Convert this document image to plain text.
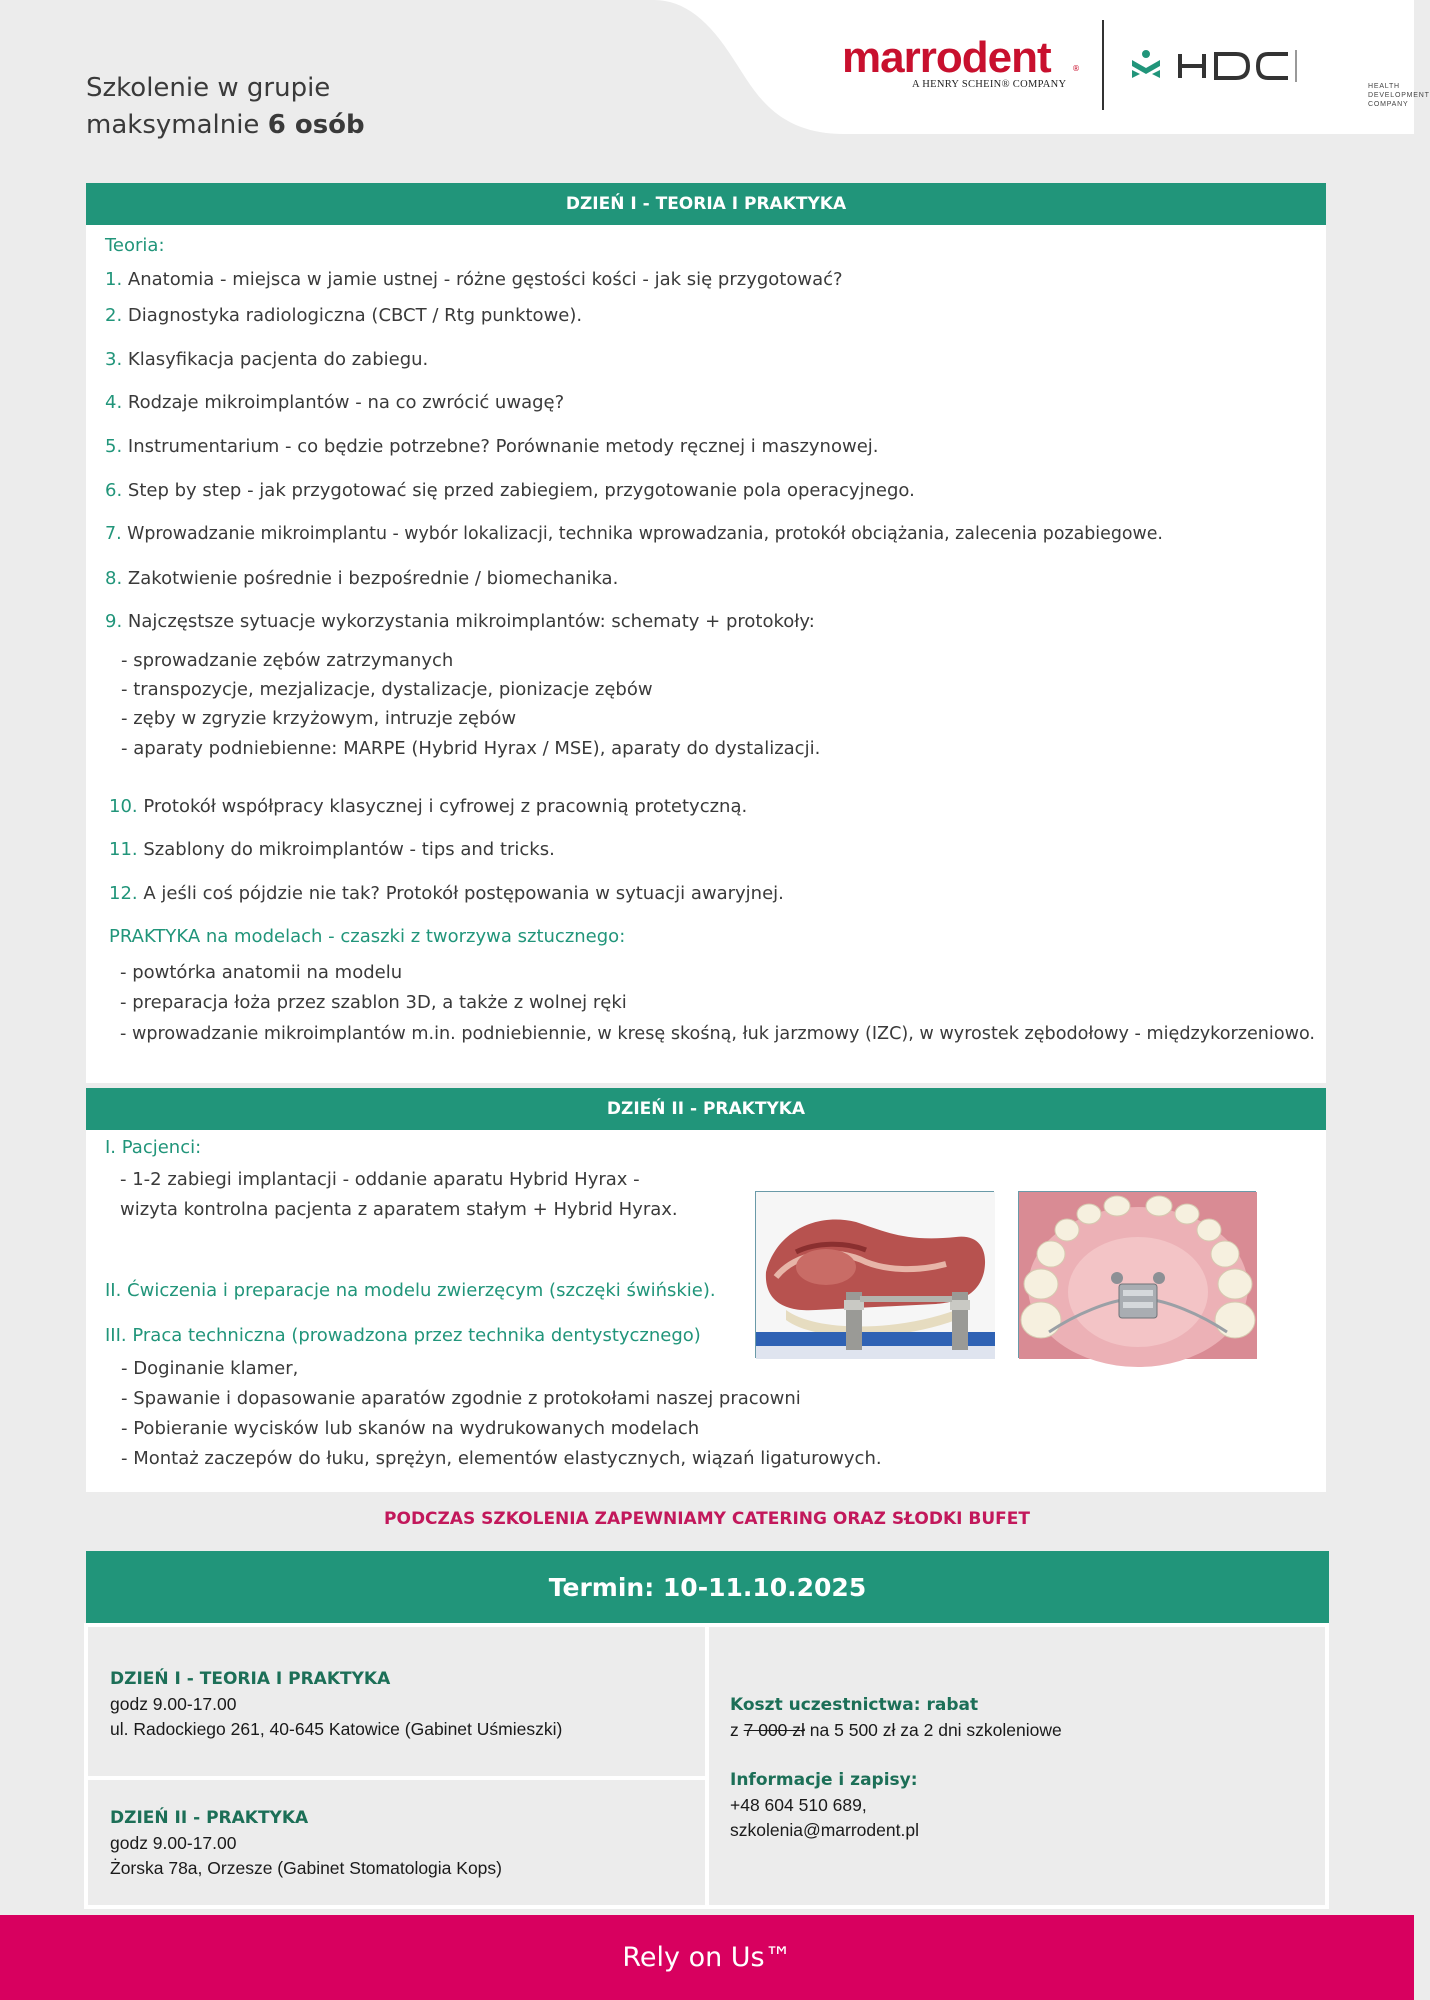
Szkolenie w grupie
maksymalnie 6 osób
marrodent	®
A HENRY SCHEIN® COMPANY	HEALTH
DEVELOPMENT
COMPANY
DZIEŃ I - TEORIA I PRAKTYKA
Teoria:
1. Anatomia - miejsca w jamie ustnej - różne gęstości kości - jak się przygotować?
2. Diagnostyka radiologiczna (CBCT / Rtg punktowe).
3. Klasyfikacja pacjenta do zabiegu.
4. Rodzaje mikroimplantów - na co zwrócić uwagę?
5. Instrumentarium - co będzie potrzebne? Porównanie metody ręcznej i maszynowej.
6. Step by step - jak przygotować się przed zabiegiem, przygotowanie pola operacyjnego.
7. Wprowadzanie mikroimplantu - wybór lokalizacji, technika wprowadzania, protokół obciążania, zalecenia pozabiegowe.
8. Zakotwienie pośrednie i bezpośrednie / biomechanika.
9. Najczęstsze sytuacje wykorzystania mikroimplantów: schematy + protokoły:
- sprowadzanie zębów zatrzymanych
- transpozycje, mezjalizacje, dystalizacje, pionizacje zębów
- zęby w zgryzie krzyżowym, intruzje zębów
- aparaty podniebienne: MARPE (Hybrid Hyrax / MSE), aparaty do dystalizacji.
10. Protokół współpracy klasycznej i cyfrowej z pracownią protetyczną.
11. Szablony do mikroimplantów - tips and tricks.
12. A jeśli coś pójdzie nie tak? Protokół postępowania w sytuacji awaryjnej.
PRAKTYKA na modelach - czaszki z tworzywa sztucznego:
- powtórka anatomii na modelu
- preparacja łoża przez szablon 3D, a także z wolnej ręki
- wprowadzanie mikroimplantów m.in. podniebiennie, w kresę skośną, łuk jarzmowy (IZC), w wyrostek zębodołowy - międzykorzeniowo.
DZIEŃ II - PRAKTYKA
I. Pacjenci:
- 1-2 zabiegi implantacji - oddanie aparatu Hybrid Hyrax -
wizyta kontrolna pacjenta z aparatem stałym + Hybrid Hyrax.
II. Ćwiczenia i preparacje na modelu zwierzęcym (szczęki świńskie).
III. Praca techniczna (prowadzona przez technika dentystycznego)
- Doginanie klamer,
- Spawanie i dopasowanie aparatów zgodnie z protokołami naszej pracowni
- Pobieranie wycisków lub skanów na wydrukowanych modelach
- Montaż zaczepów do łuku, sprężyn, elementów elastycznych, wiązań ligaturowych.
PODCZAS SZKOLENIA ZAPEWNIAMY CATERING ORAZ SŁODKI BUFET
Termin: 10-11.10.2025
DZIEŃ I - TEORIA I PRAKTYKA
godz 9.00-17.00
ul. Radockiego 261, 40-645 Katowice (Gabinet Uśmieszki)
DZIEŃ II - PRAKTYKA
godz 9.00-17.00
Żorska 78a, Orzesze (Gabinet Stomatologia Kops)
Koszt uczestnictwa: rabat
z 7 000 zł na 5 500 zł za 2 dni szkoleniowe
Informacje i zapisy:
+48 604 510 689,
szkolenia@marrodent.pl
Rely on Us™
